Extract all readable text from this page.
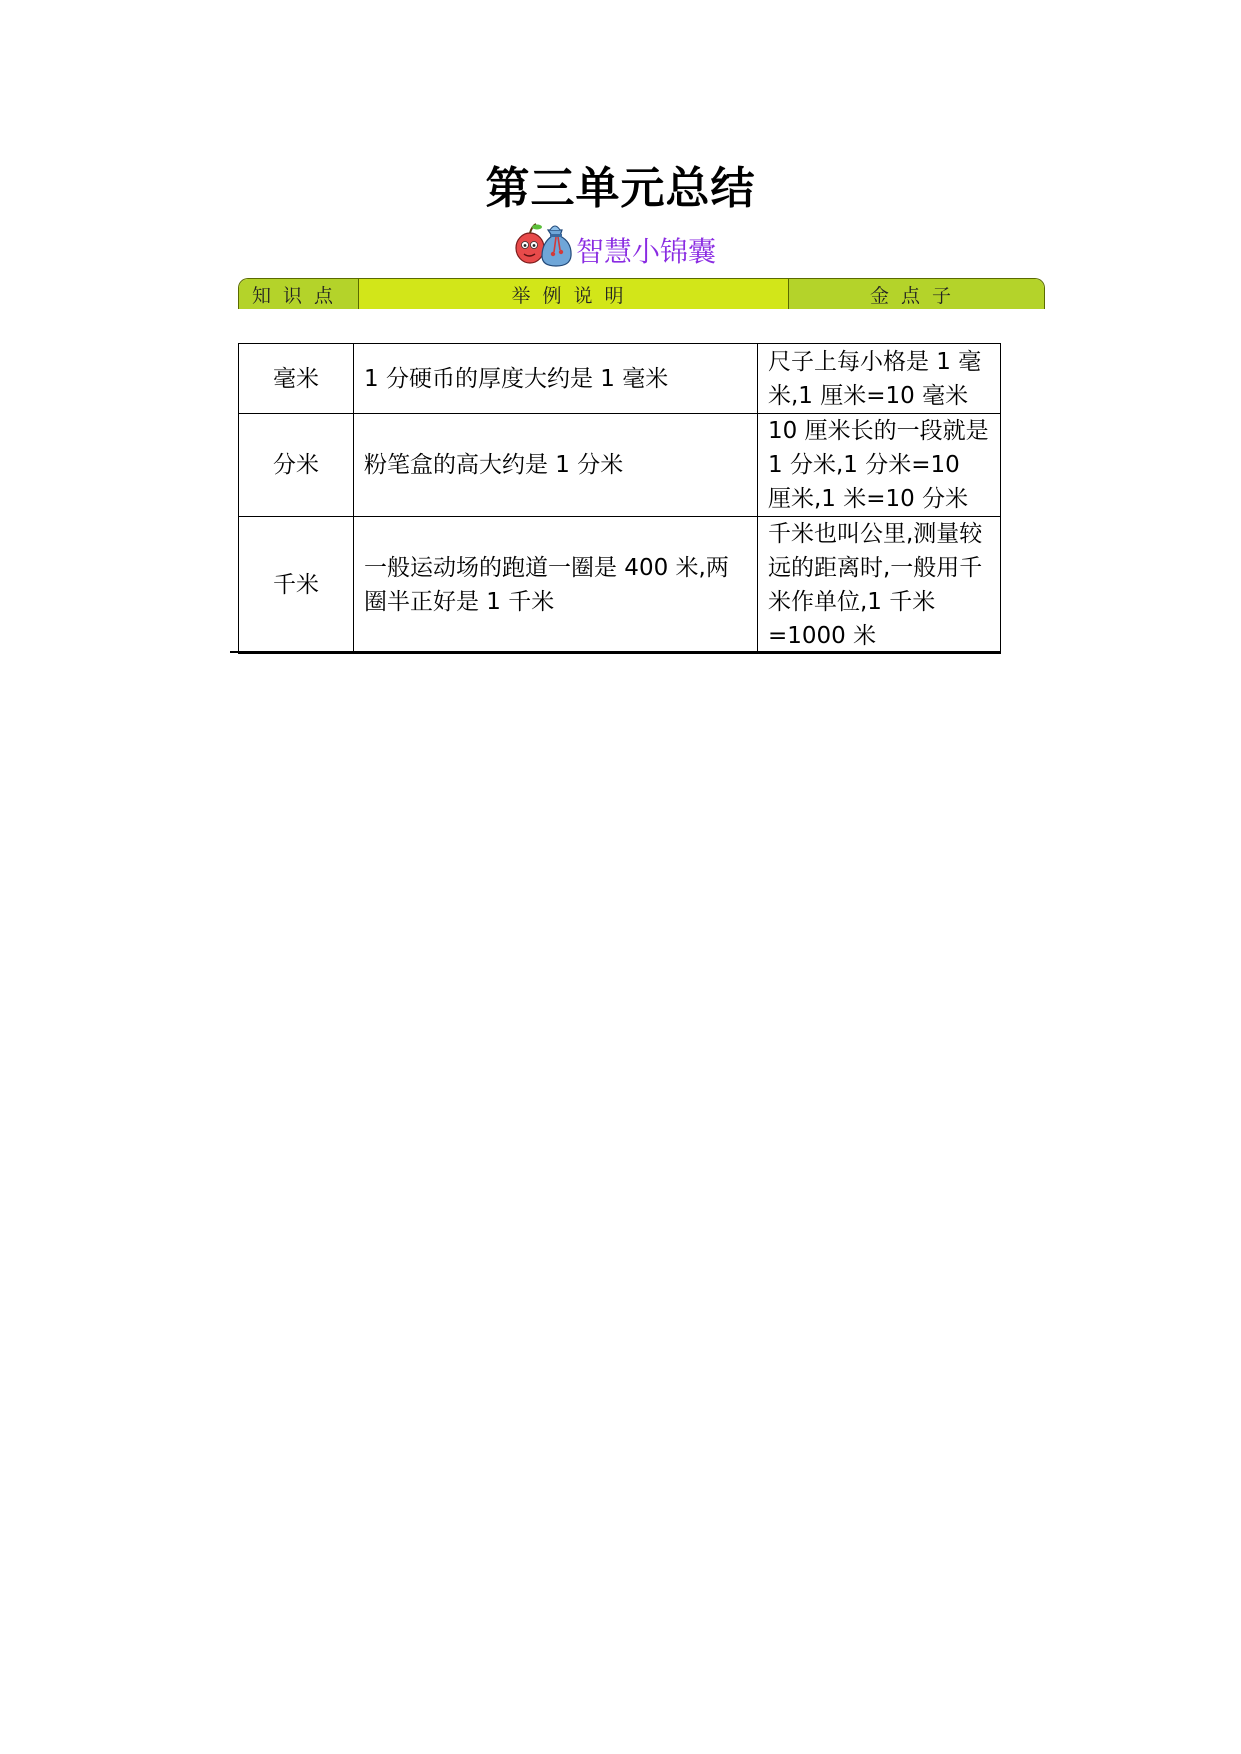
第三单元总结
智慧小锦囊
知识点	举例说明	金点子
毫米	1 分硬币的厚度大约是 1 毫米	尺子上每小格是 1 毫米,1 厘米=10 毫米
分米	粉笔盒的高大约是 1 分米	10 厘米长的一段就是 1 分米,1 分米=10 厘米,1 米=10 分米
千米	一般运动场的跑道一圈是 400 米,两圈半正好是 1 千米	千米也叫公里,测量较远的距离时,一般用千米作单位,1 千米=1000 米
